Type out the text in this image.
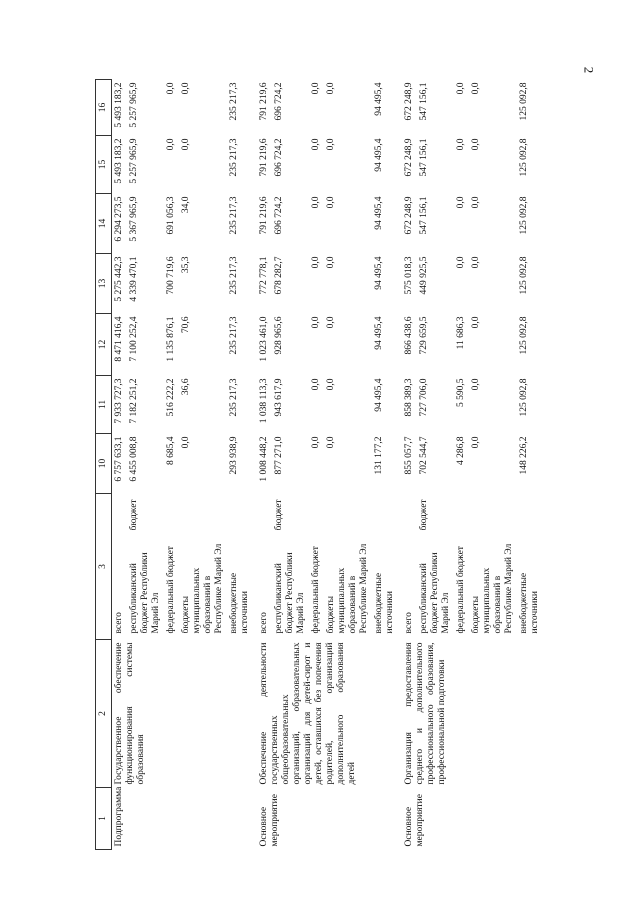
2
1	2	3		10	11	12	13	14	15	16
Подпрограмма	Государственное обеспечение функционирования системы образования	всего		6 757 633,1	7 933 727,3	8 471 416,4	5 275 442,3	6 294 273,5	5 493 183,2	5 493 183,2
		республиканский бюджет Республики Марий Эл	бюджет	6 455 008,8	7 182 251,2	7 100 252,4	4 339 470,1	5 367 965,9	5 257 965,9	5 257 965,9
		федеральный бюджет		8 685,4	516 222,2	1 135 876,1	700 719,6	691 056,3	0,0	0,0
		бюджеты муниципальных образований в Республике Марий Эл		0,0	36,6	70,6	35,3	34,0	0,0	0,0
		внебюджетные источники		293 938,9	235 217,3	235 217,3	235 217,3	235 217,3	235 217,3	235 217,3

Основное мероприятие	Обеспечение деятельности государственных общеобразовательных организаций, образовательных организаций для детей-сирот и детей, оставшихся без попечения родителей, организаций дополнительного образования детей	всего		1 008 448,2	1 038 113,3	1 023 461,0	772 778,1	791 219,6	791 219,6	791 219,6
		республиканский бюджет Республики Марий Эл	бюджет	877 271,0	943 617,9	928 965,6	678 282,7	696 724,2	696 724,2	696 724,2
		федеральный бюджет		0,0	0,0	0,0	0,0	0,0	0,0	0,0
		бюджеты муниципальных образований в Республике Марий Эл		0,0	0,0	0,0	0,0	0,0	0,0	0,0
		внебюджетные источники		131 177,2	94 495,4	94 495,4	94 495,4	94 495,4	94 495,4	94 495,4

Основное мероприятие	Организация предоставления среднего и дополнительного профессионального образования, профессиональной подготовки	всего		855 057,7	858 389,3	866 438,6	575 018,3	672 248,9	672 248,9	672 248,9
		республиканский бюджет Республики Марий Эл	бюджет	702 544,7	727 706,0	729 659,5	449 925,5	547 156,1	547 156,1	547 156,1
		федеральный бюджет		4 286,8	5 590,5	11 686,3	0,0	0,0	0,0	0,0
		бюджеты муниципальных образований в Республике Марий Эл		0,0	0,0	0,0	0,0	0,0	0,0	0,0
		внебюджетные источники		148 226,2	125 092,8	125 092,8	125 092,8	125 092,8	125 092,8	125 092,8
